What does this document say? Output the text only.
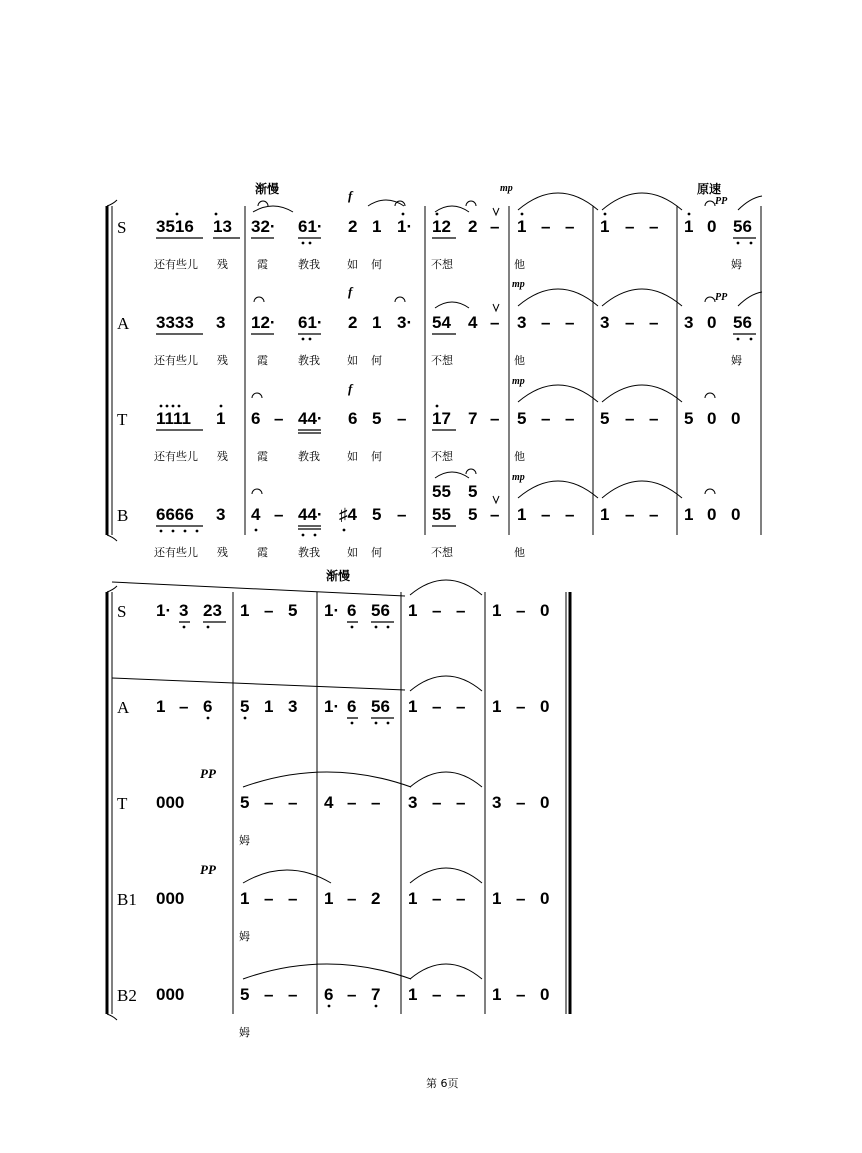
渐慢	原速
S
f	mp
PP
3516 13 32· 61· 2 1 1· 12 2 – 1 – – 1 – – 1 0 56
还有些儿 残	霞	教我 如 何	不想	他	姆
A
f	mp
PP
3333 3 12· 61· 2 1 3· 54 4 – 3 – – 3 – – 3 0 56
还有些儿 残	霞	教我 如 何	不想	他	姆
T
f	mp
1111 1 6 – 44· 6 5 – 17 7 – 5 – – 5 – – 5 0 0
还有些儿 残	霞	教我 如 何	不想	他
B
mp
55 5
6666 3 4 – 44· ♯4 5 – 55 5 – 1 – – 1 – – 1 0 0
还有些儿 残	霞	教我 如 何	不想	他
渐慢
S 1· 3 23 1 – 5 1· 6 56 1 – – 1 – 0
A 1 – 6 5 1 3 1· 6 56 1 – – 1 – 0
T
PP
000	5 – – 4 – – 3 – – 3 – 0
姆
B1
PP
000	1 – – 1 – 2 1 – – 1 – 0
姆
B2 000	5 – – 6 – 7 1 – – 1 – 0
姆
第 6页
